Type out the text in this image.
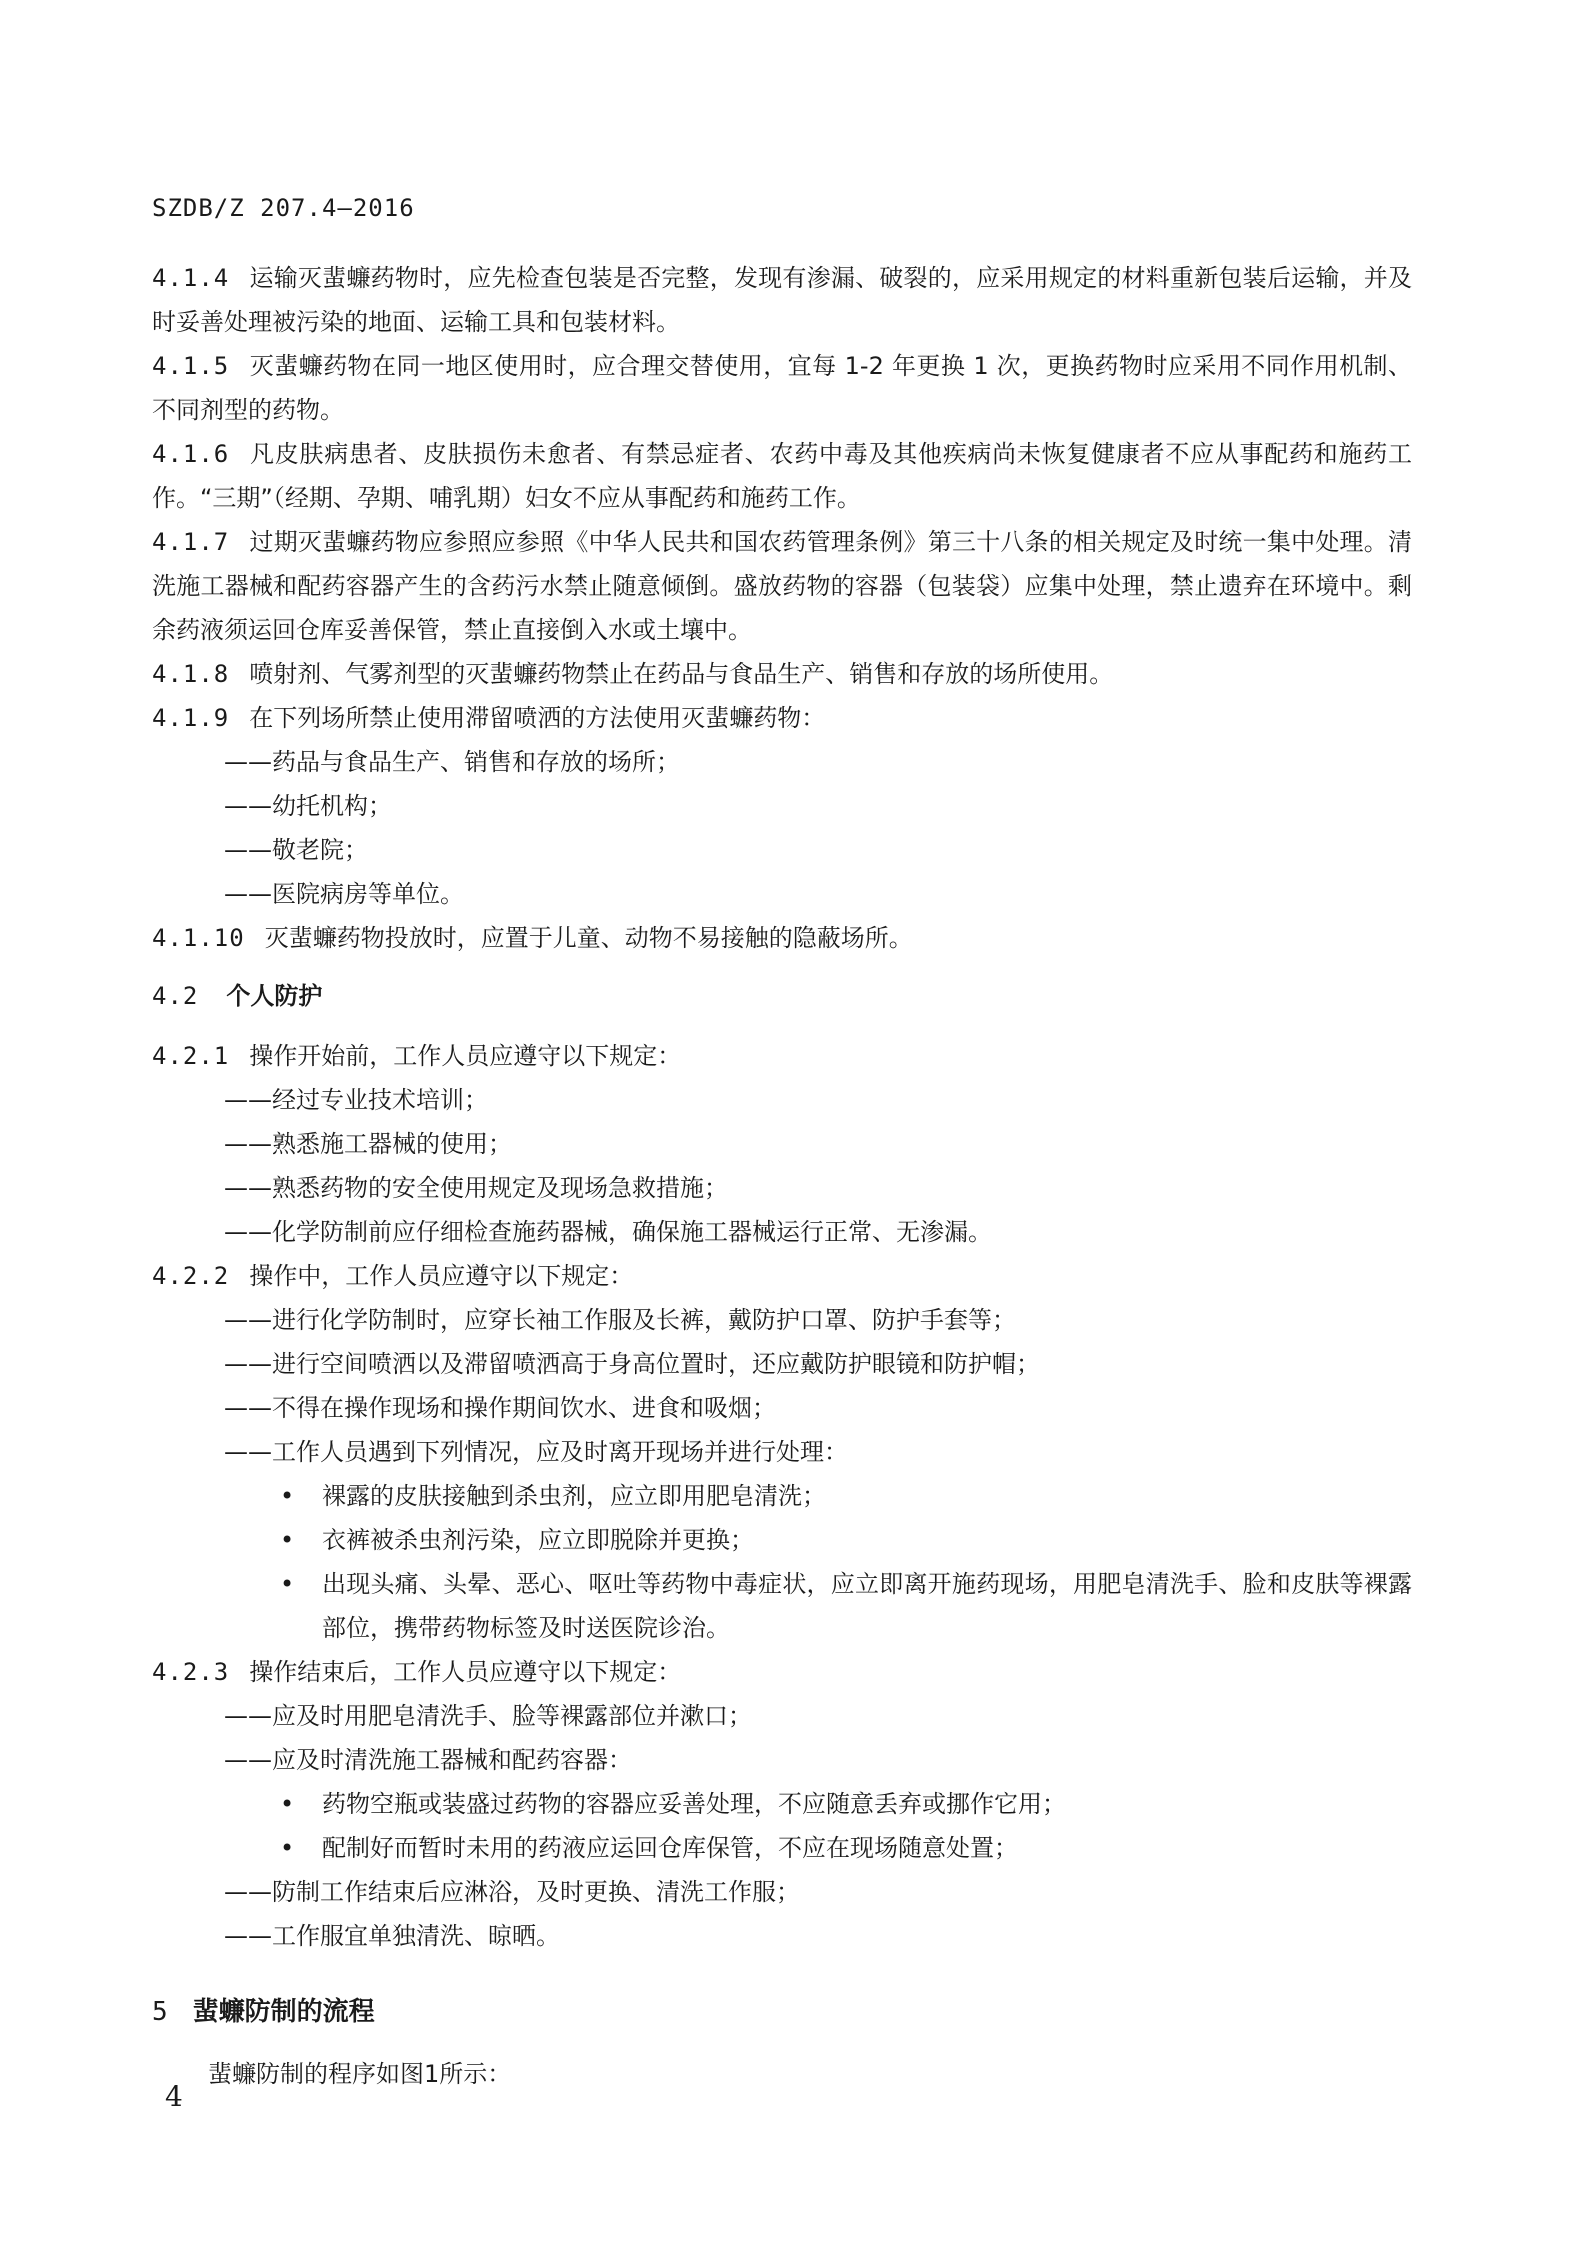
SZDB/Z 207.4—2016

4.1.4 运输灭蜚蠊药物时，应先检查包装是否完整，发现有渗漏、破裂的，应采用规定的材料重新包装后运输，并及时妥善处理被污染的地面、运输工具和包装材料。

4.1.5 灭蜚蠊药物在同一地区使用时，应合理交替使用，宜每 1-2 年更换 1 次，更换药物时应采用不同作用机制、不同剂型的药物。

4.1.6 凡皮肤病患者、皮肤损伤未愈者、有禁忌症者、农药中毒及其他疾病尚未恢复健康者不应从事配药和施药工作。“三期”（经期、孕期、哺乳期）妇女不应从事配药和施药工作。

4.1.7 过期灭蜚蠊药物应参照应参照《中华人民共和国农药管理条例》第三十八条的相关规定及时统一集中处理。清洗施工器械和配药容器产生的含药污水禁止随意倾倒。盛放药物的容器（包装袋）应集中处理，禁止遗弃在环境中。剩余药液须运回仓库妥善保管，禁止直接倒入水或土壤中。

4.1.8 喷射剂、气雾剂型的灭蜚蠊药物禁止在药品与食品生产、销售和存放的场所使用。

4.1.9 在下列场所禁止使用滞留喷洒的方法使用灭蜚蠊药物：

——药品与食品生产、销售和存放的场所；

——幼托机构；

——敬老院；

——医院病房等单位。

4.1.10 灭蜚蠊药物投放时，应置于儿童、动物不易接触的隐蔽场所。

4.2 个人防护

4.2.1 操作开始前，工作人员应遵守以下规定：

——经过专业技术培训；

——熟悉施工器械的使用；

——熟悉药物的安全使用规定及现场急救措施；

——化学防制前应仔细检查施药器械，确保施工器械运行正常、无渗漏。

4.2.2 操作中，工作人员应遵守以下规定：

——进行化学防制时，应穿长袖工作服及长裤，戴防护口罩、防护手套等；

——进行空间喷洒以及滞留喷洒高于身高位置时，还应戴防护眼镜和防护帽；

——不得在操作现场和操作期间饮水、进食和吸烟；

——工作人员遇到下列情况，应及时离开现场并进行处理：

• 裸露的皮肤接触到杀虫剂，应立即用肥皂清洗；

• 衣裤被杀虫剂污染，应立即脱除并更换；

• 出现头痛、头晕、恶心、呕吐等药物中毒症状，应立即离开施药现场，用肥皂清洗手、脸和皮肤等裸露部位，携带药物标签及时送医院诊治。

4.2.3 操作结束后，工作人员应遵守以下规定：

——应及时用肥皂清洗手、脸等裸露部位并漱口；

——应及时清洗施工器械和配药容器：

• 药物空瓶或装盛过药物的容器应妥善处理，不应随意丢弃或挪作它用；

• 配制好而暂时未用的药液应运回仓库保管，不应在现场随意处置；

——防制工作结束后应淋浴，及时更换、清洗工作服；

——工作服宜单独清洗、晾晒。

5 蜚蠊防制的流程

蜚蠊防制的程序如图1所示：

4
